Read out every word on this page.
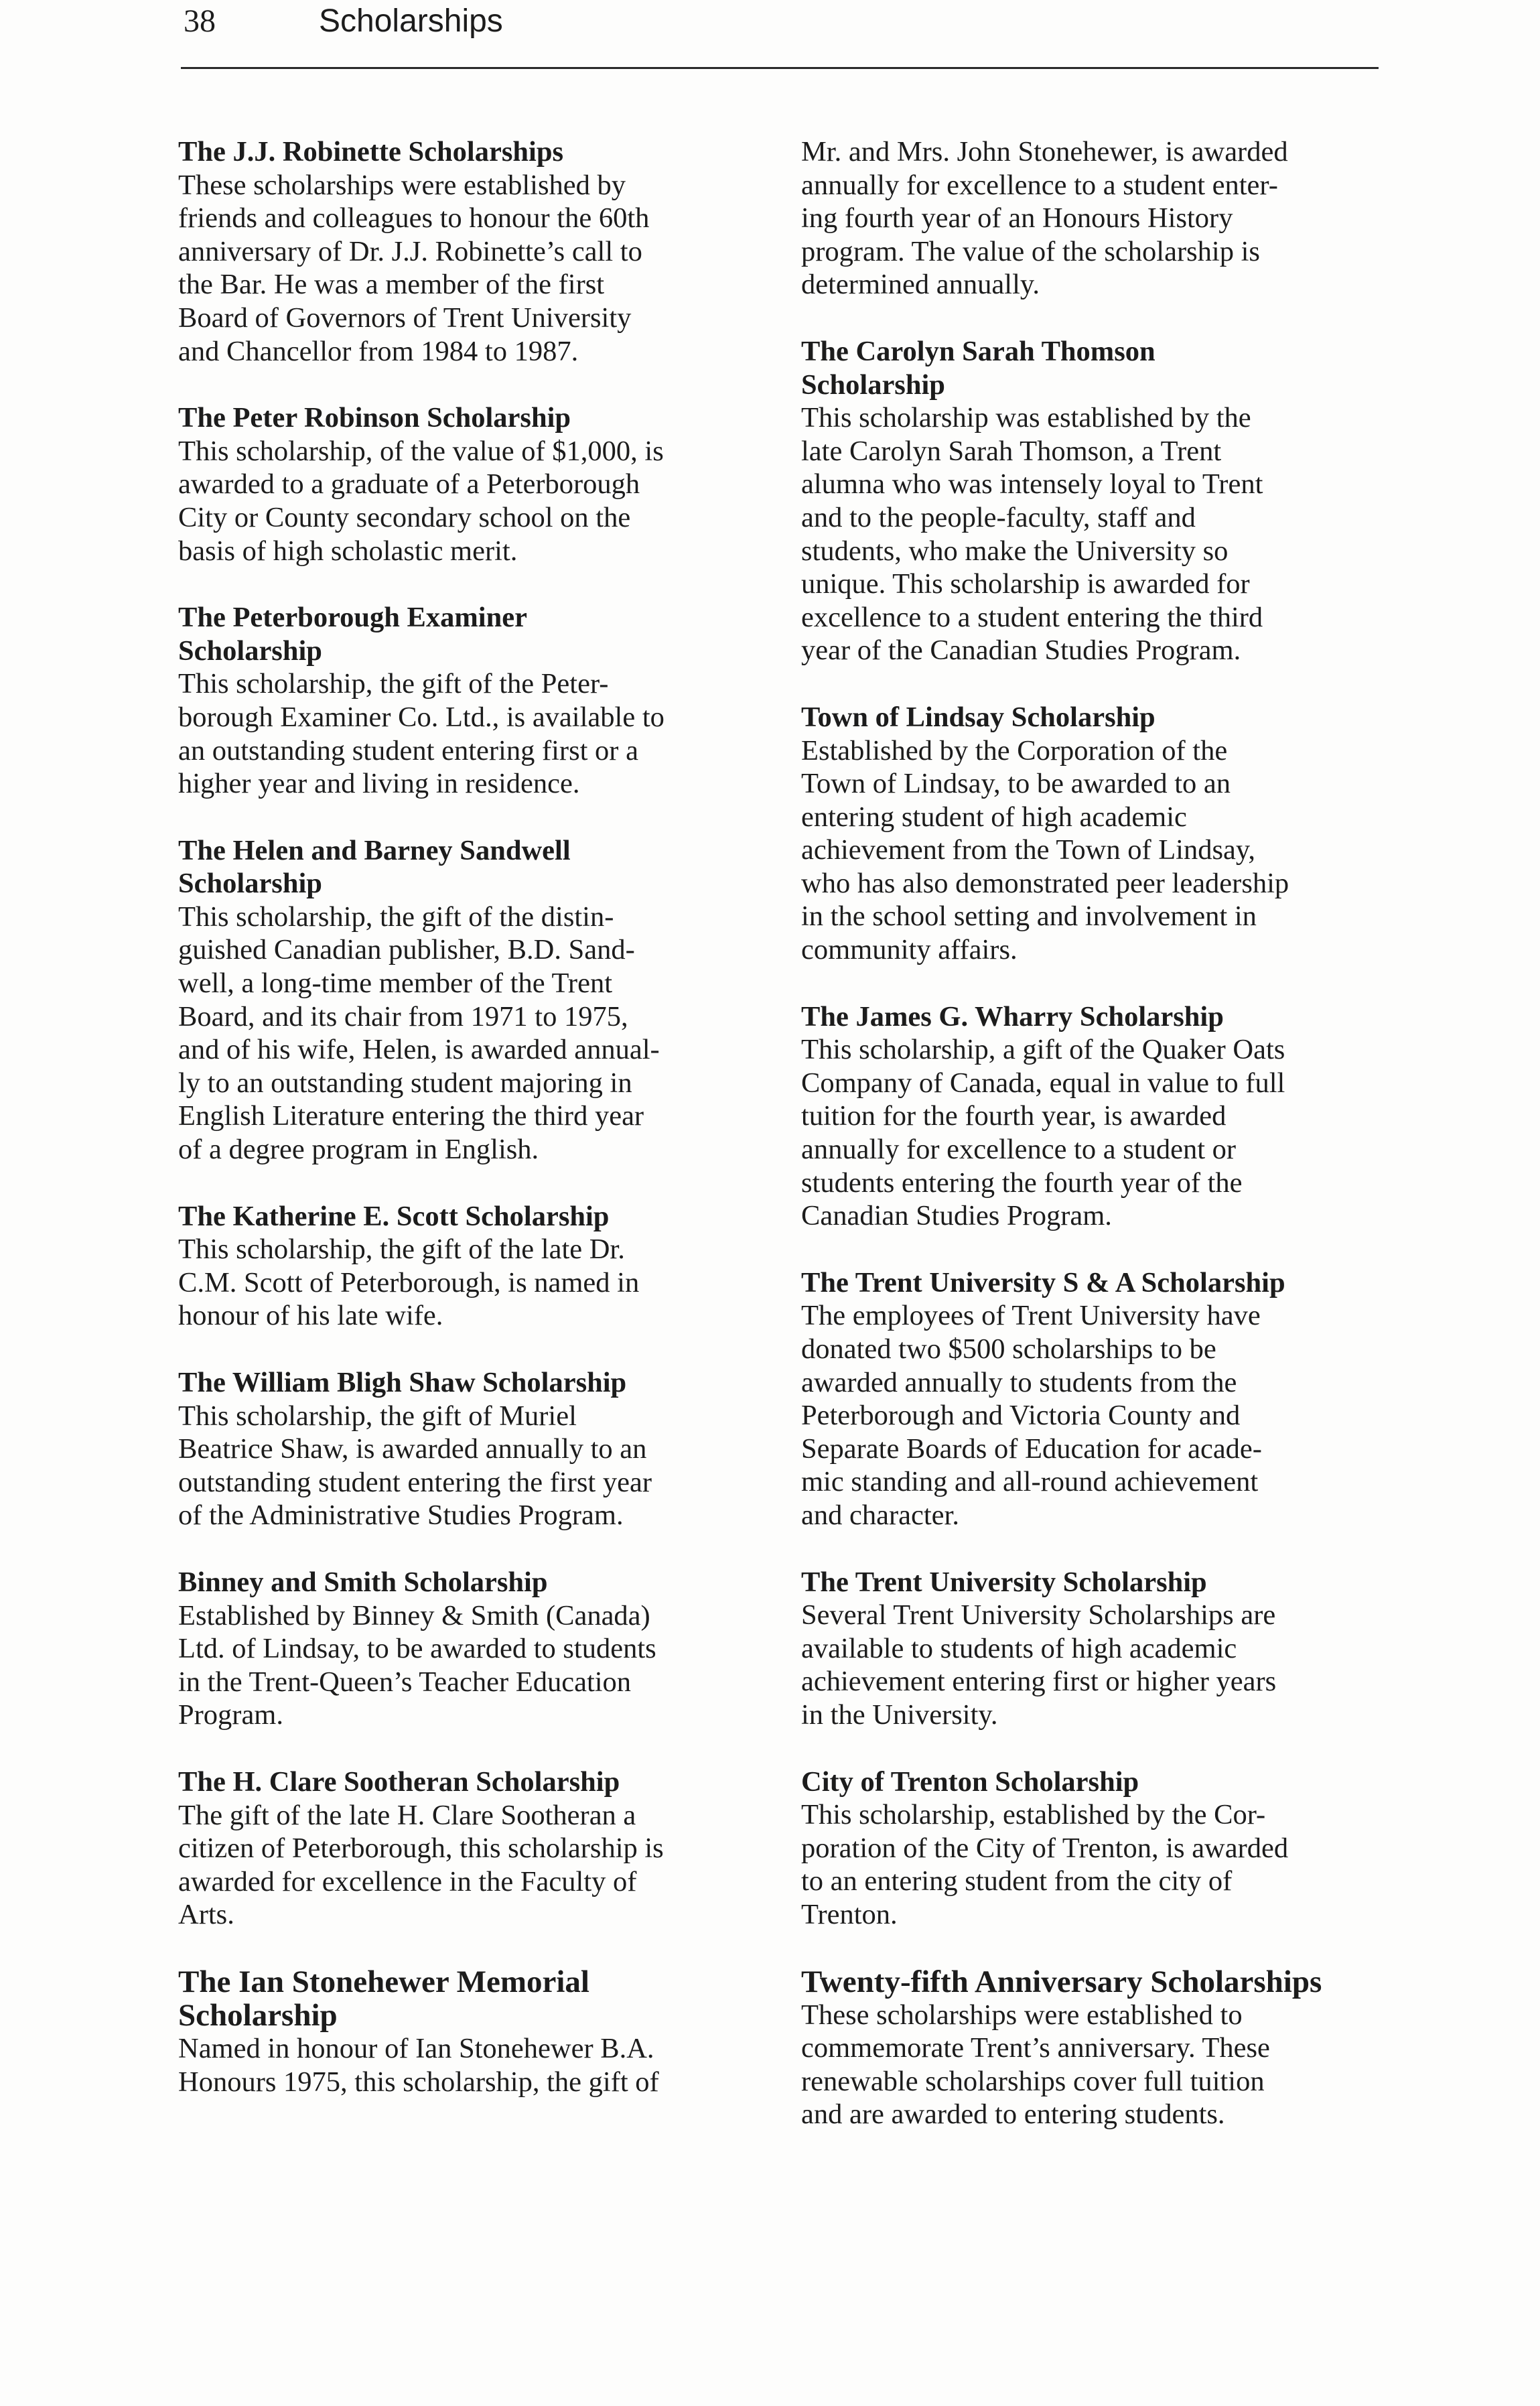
38	Scholarships
The J.J. Robinette Scholarships
These scholarships were established by
friends and colleagues to honour the 60th
anniversary of Dr. J.J. Robinette’s call to
the Bar. He was a member of the first
Board of Governors of Trent University
and Chancellor from 1984 to 1987.
The Peter Robinson Scholarship
This scholarship, of the value of $1,000, is
awarded to a graduate of a Peterborough
City or County secondary school on the
basis of high scholastic merit.
The Peterborough Examiner
Scholarship
This scholarship, the gift of the Peter-
borough Examiner Co. Ltd., is available to
an outstanding student entering first or a
higher year and living in residence.
The Helen and Barney Sandwell
Scholarship
This scholarship, the gift of the distin-
guished Canadian publisher, B.D. Sand-
well, a long-time member of the Trent
Board, and its chair from 1971 to 1975,
and of his wife, Helen, is awarded annual-
ly to an outstanding student majoring in
English Literature entering the third year
of a degree program in English.
The Katherine E. Scott Scholarship
This scholarship, the gift of the late Dr.
C.M. Scott of Peterborough, is named in
honour of his late wife.
The William Bligh Shaw Scholarship
This scholarship, the gift of Muriel
Beatrice Shaw, is awarded annually to an
outstanding student entering the first year
of the Administrative Studies Program.
Binney and Smith Scholarship
Established by Binney & Smith (Canada)
Ltd. of Lindsay, to be awarded to students
in the Trent-Queen’s Teacher Education
Program.
The H. Clare Sootheran Scholarship
The gift of the late H. Clare Sootheran a
citizen of Peterborough, this scholarship is
awarded for excellence in the Faculty of
Arts.
The Ian Stonehewer Memorial
Scholarship
Named in honour of Ian Stonehewer B.A.
Honours 1975, this scholarship, the gift of
Mr. and Mrs. John Stonehewer, is awarded
annually for excellence to a student enter-
ing fourth year of an Honours History
program. The value of the scholarship is
determined annually.
The Carolyn Sarah Thomson
Scholarship
This scholarship was established by the
late Carolyn Sarah Thomson, a Trent
alumna who was intensely loyal to Trent
and to the people-faculty, staff and
students, who make the University so
unique. This scholarship is awarded for
excellence to a student entering the third
year of the Canadian Studies Program.
Town of Lindsay Scholarship
Established by the Corporation of the
Town of Lindsay, to be awarded to an
entering student of high academic
achievement from the Town of Lindsay,
who has also demonstrated peer leadership
in the school setting and involvement in
community affairs.
The James G. Wharry Scholarship
This scholarship, a gift of the Quaker Oats
Company of Canada, equal in value to full
tuition for the fourth year, is awarded
annually for excellence to a student or
students entering the fourth year of the
Canadian Studies Program.
The Trent University S & A Scholarship
The employees of Trent University have
donated two $500 scholarships to be
awarded annually to students from the
Peterborough and Victoria County and
Separate Boards of Education for acade-
mic standing and all-round achievement
and character.
The Trent University Scholarship
Several Trent University Scholarships are
available to students of high academic
achievement entering first or higher years
in the University.
City of Trenton Scholarship
This scholarship, established by the Cor-
poration of the City of Trenton, is awarded
to an entering student from the city of
Trenton.
Twenty-fifth Anniversary Scholarships
These scholarships were established to
commemorate Trent’s anniversary. These
renewable scholarships cover full tuition
and are awarded to entering students.
